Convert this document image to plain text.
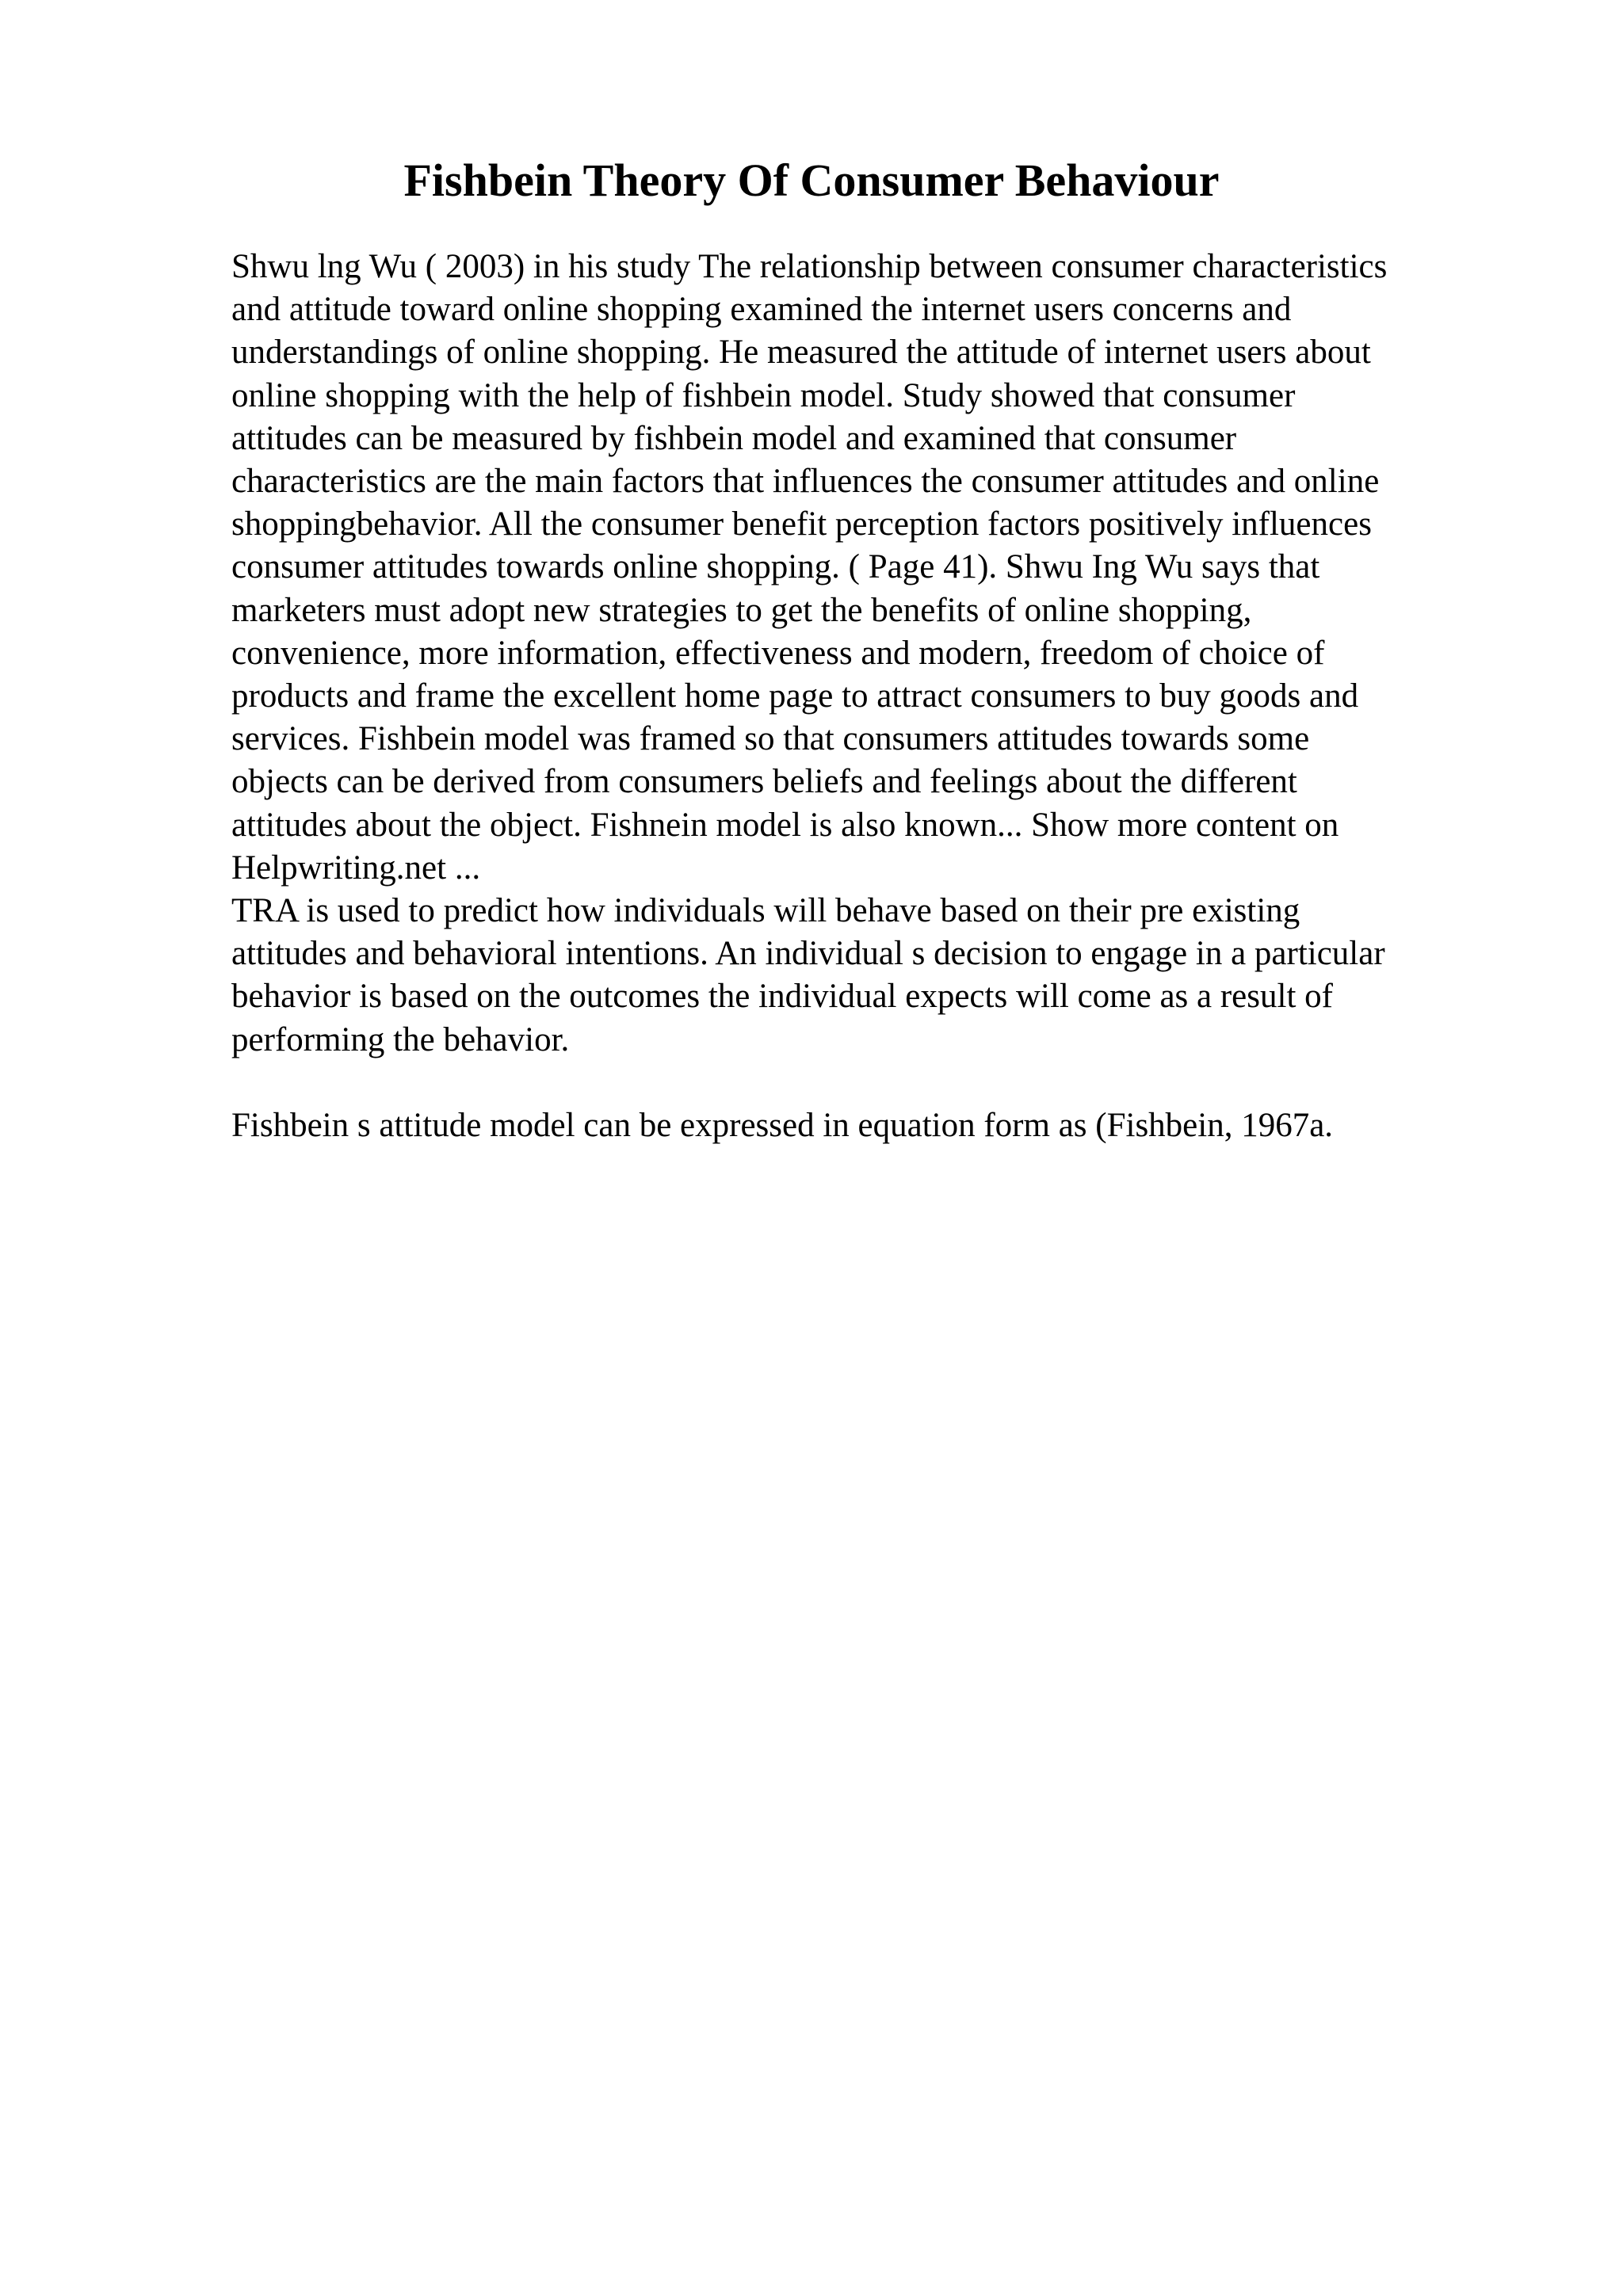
Fishbein Theory Of Consumer Behaviour
Shwu lng Wu ( 2003) in his study The relationship between consumer characteristics
and attitude toward online shopping examined the internet users concerns and
understandings of online shopping. He measured the attitude of internet users about
online shopping with the help of fishbein model. Study showed that consumer
attitudes can be measured by fishbein model and examined that consumer
characteristics are the main factors that influences the consumer attitudes and online
shoppingbehavior. All the consumer benefit perception factors positively influences
consumer attitudes towards online shopping. ( Page 41). Shwu Ing Wu says that
marketers must adopt new strategies to get the benefits of online shopping,
convenience, more information, effectiveness and modern, freedom of choice of
products and frame the excellent home page to attract consumers to buy goods and
services. Fishbein model was framed so that consumers attitudes towards some
objects can be derived from consumers beliefs and feelings about the different
attitudes about the object. Fishnein model is also known... Show more content on
Helpwriting.net ...
TRA is used to predict how individuals will behave based on their pre existing
attitudes and behavioral intentions. An individual s decision to engage in a particular
behavior is based on the outcomes the individual expects will come as a result of
performing the behavior.
Fishbein s attitude model can be expressed in equation form as (Fishbein, 1967a.
